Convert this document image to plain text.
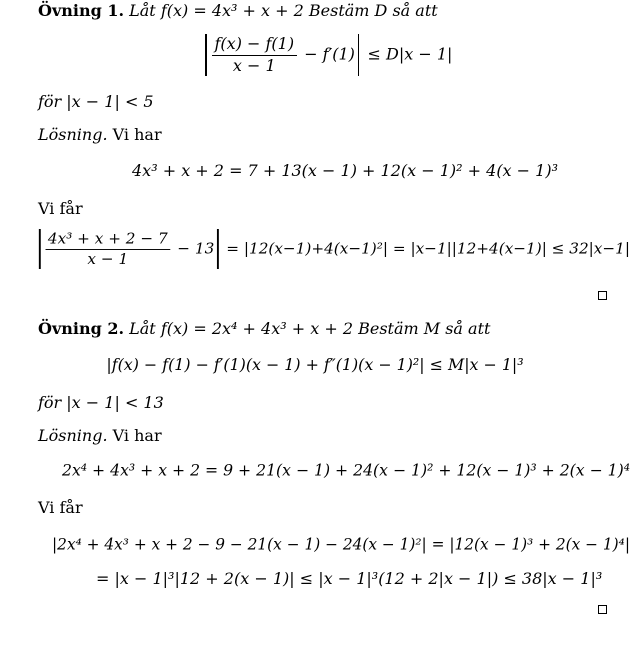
Övning 1. Låt f(x) = 4x³ + x + 2 Bestäm D så att
$\frac{f(x) - f(1)}{x - 1} - f'(1) \le D|x - 1|$
för |x − 1| < 5
Lösning. Vi har
4x³ + x + 2 = 7 + 13(x − 1) + 12(x − 1)² + 4(x − 1)³
Vi får
$\frac{\text{4x³ + x + 2 − 7}}{x - 1} - 13 = |12(x-1)+4(x-1)^2| = |x-1||12+4(x-1)| \le 32|x-1|$
Övning 2. Låt f(x) = 2x⁴ + 4x³ + x + 2 Bestäm M så att
|f(x) − f(1) − f′(1)(x − 1) + f″(1)(x − 1)²| ≤ M|x − 1|³
för |x − 1| < 13
Lösning. Vi har
2x⁴ + 4x³ + x + 2 = 9 + 21(x − 1) + 24(x − 1)² + 12(x − 1)³ + 2(x − 1)⁴
Vi får
|2x⁴ + 4x³ + x + 2 − 9 − 21(x − 1) − 24(x − 1)²| = |12(x − 1)³ + 2(x − 1)⁴|
= |x − 1|³|12 + 2(x − 1)| ≤ |x − 1|³(12 + 2|x − 1|) ≤ 38|x − 1|³
